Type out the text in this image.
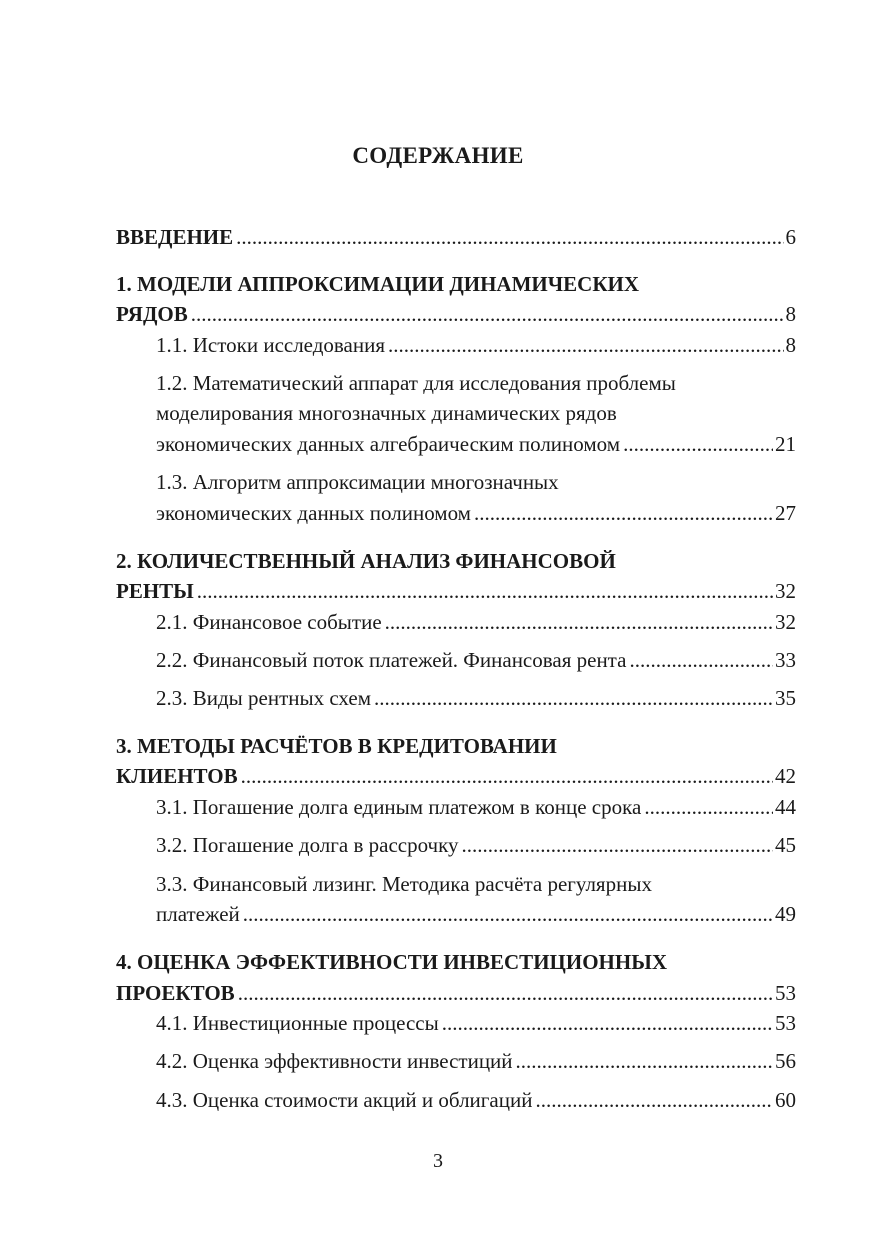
СОДЕРЖАНИЕ
ВВЕДЕНИЕ .....	6
1. МОДЕЛИ АППРОКСИМАЦИИ ДИНАМИЧЕСКИХ
РЯДОВ .....	8
1.1. Истоки исследования .....	8
1.2. Математический аппарат для исследования проблемы
моделирования многозначных динамических рядов
экономических данных алгебраическим полиномом .....	21
1.3. Алгоритм аппроксимации многозначных
экономических данных полиномом .....	27
2. КОЛИЧЕСТВЕННЫЙ АНАЛИЗ ФИНАНСОВОЙ
РЕНТЫ .....	32
2.1. Финансовое событие .....	32
2.2. Финансовый поток платежей. Финансовая рента .....	33
2.3. Виды рентных схем .....	35
3. МЕТОДЫ РАСЧЁТОВ В КРЕДИТОВАНИИ
КЛИЕНТОВ .....	42
3.1. Погашение долга единым платежом в конце срока .....	44
3.2. Погашение долга в рассрочку .....	45
3.3. Финансовый лизинг. Методика расчёта регулярных
платежей .....	49
4. ОЦЕНКА ЭФФЕКТИВНОСТИ ИНВЕСТИЦИОННЫХ
ПРОЕКТОВ .....	53
4.1. Инвестиционные процессы .....	53
4.2. Оценка эффективности инвестиций .....	56
4.3. Оценка стоимости акций и облигаций .....	60
3
